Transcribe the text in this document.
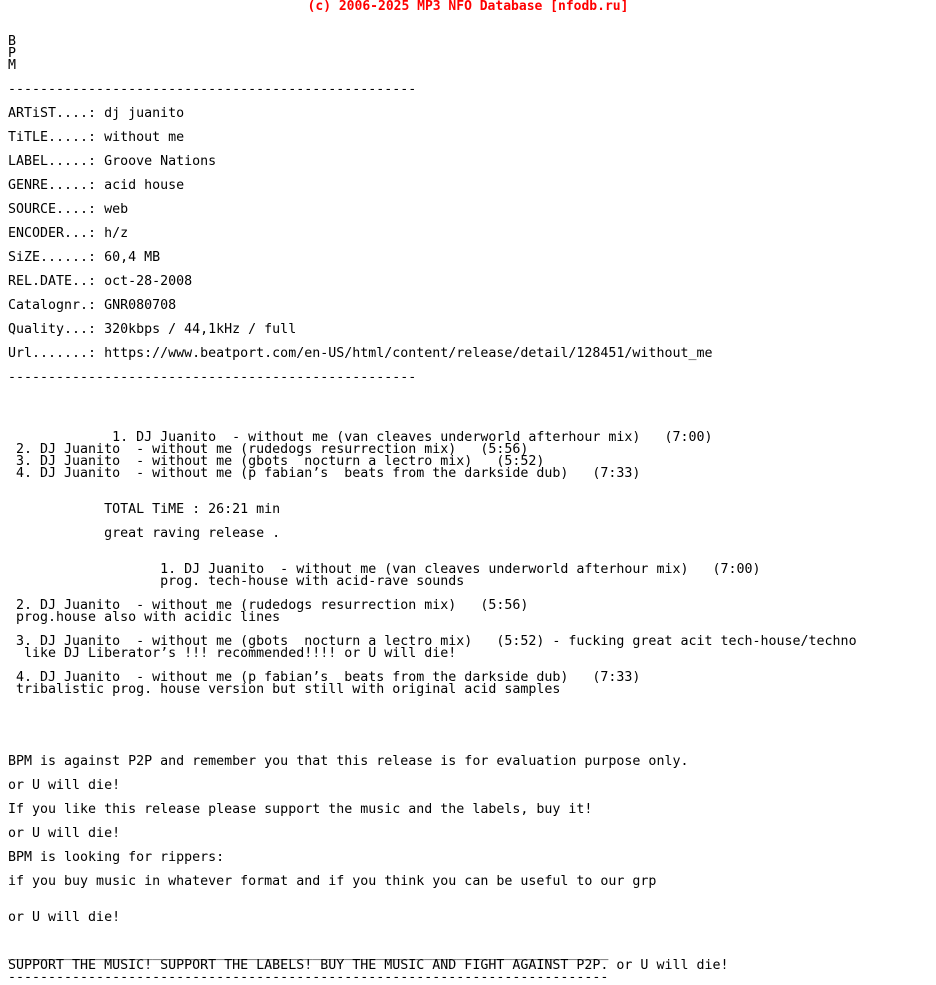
(c) 2006-2025 MP3 NFO Database [nfodb.ru]
B
P
M

---------------------------------------------------

ARTiST....: dj juanito

TiTLE.....: without me

LABEL.....: Groove Nations

GENRE.....: acid house

SOURCE....: web

ENCODER...: h/z

SiZE......: 60,4 MB

REL.DATE..: oct-28-2008

Catalognr.: GNR080708

Quality...: 320kbps / 44,1kHz / full

Url.......: https://www.beatport.com/en-US/html/content/release/detail/128451/without_me

---------------------------------------------------

1. DJ Juanito  - without me (van cleaves underworld afterhour mix)   (7:00)
2. DJ Juanito  - without me (rudedogs resurrection mix)   (5:56)
3. DJ Juanito  - without me (gbots  nocturn a lectro mix)   (5:52)
4. DJ Juanito  - without me (p fabian’s  beats from the darkside dub)   (7:33)

TOTAL TiME : 26:21 min

great raving release .

1. DJ Juanito  - without me (van cleaves underworld afterhour mix)   (7:00)
prog. tech-house with acid-rave sounds

2. DJ Juanito  - without me (rudedogs resurrection mix)   (5:56)
prog.house also with acidic lines

3. DJ Juanito  - without me (gbots  nocturn a lectro mix)   (5:52) - fucking great acit tech-house/techno
like DJ Liberator’s !!! recommended!!!! or U will die!

4. DJ Juanito  - without me (p fabian’s  beats from the darkside dub)   (7:33)
tribalistic prog. house version but still with original acid samples

BPM is against P2P and remember you that this release is for evaluation purpose only.

or U will die!

If you like this release please support the music and the labels, buy it!

or U will die!

BPM is looking for rippers:

if you buy music in whatever format and if you think you can be useful to our grp

or U will die!

___________________________________________________________________________
SUPPORT THE MUSIC! SUPPORT THE LABELS! BUY THE MUSIC AND FIGHT AGAINST P2P. or U will die!
---------------------------------------------------------------------------
